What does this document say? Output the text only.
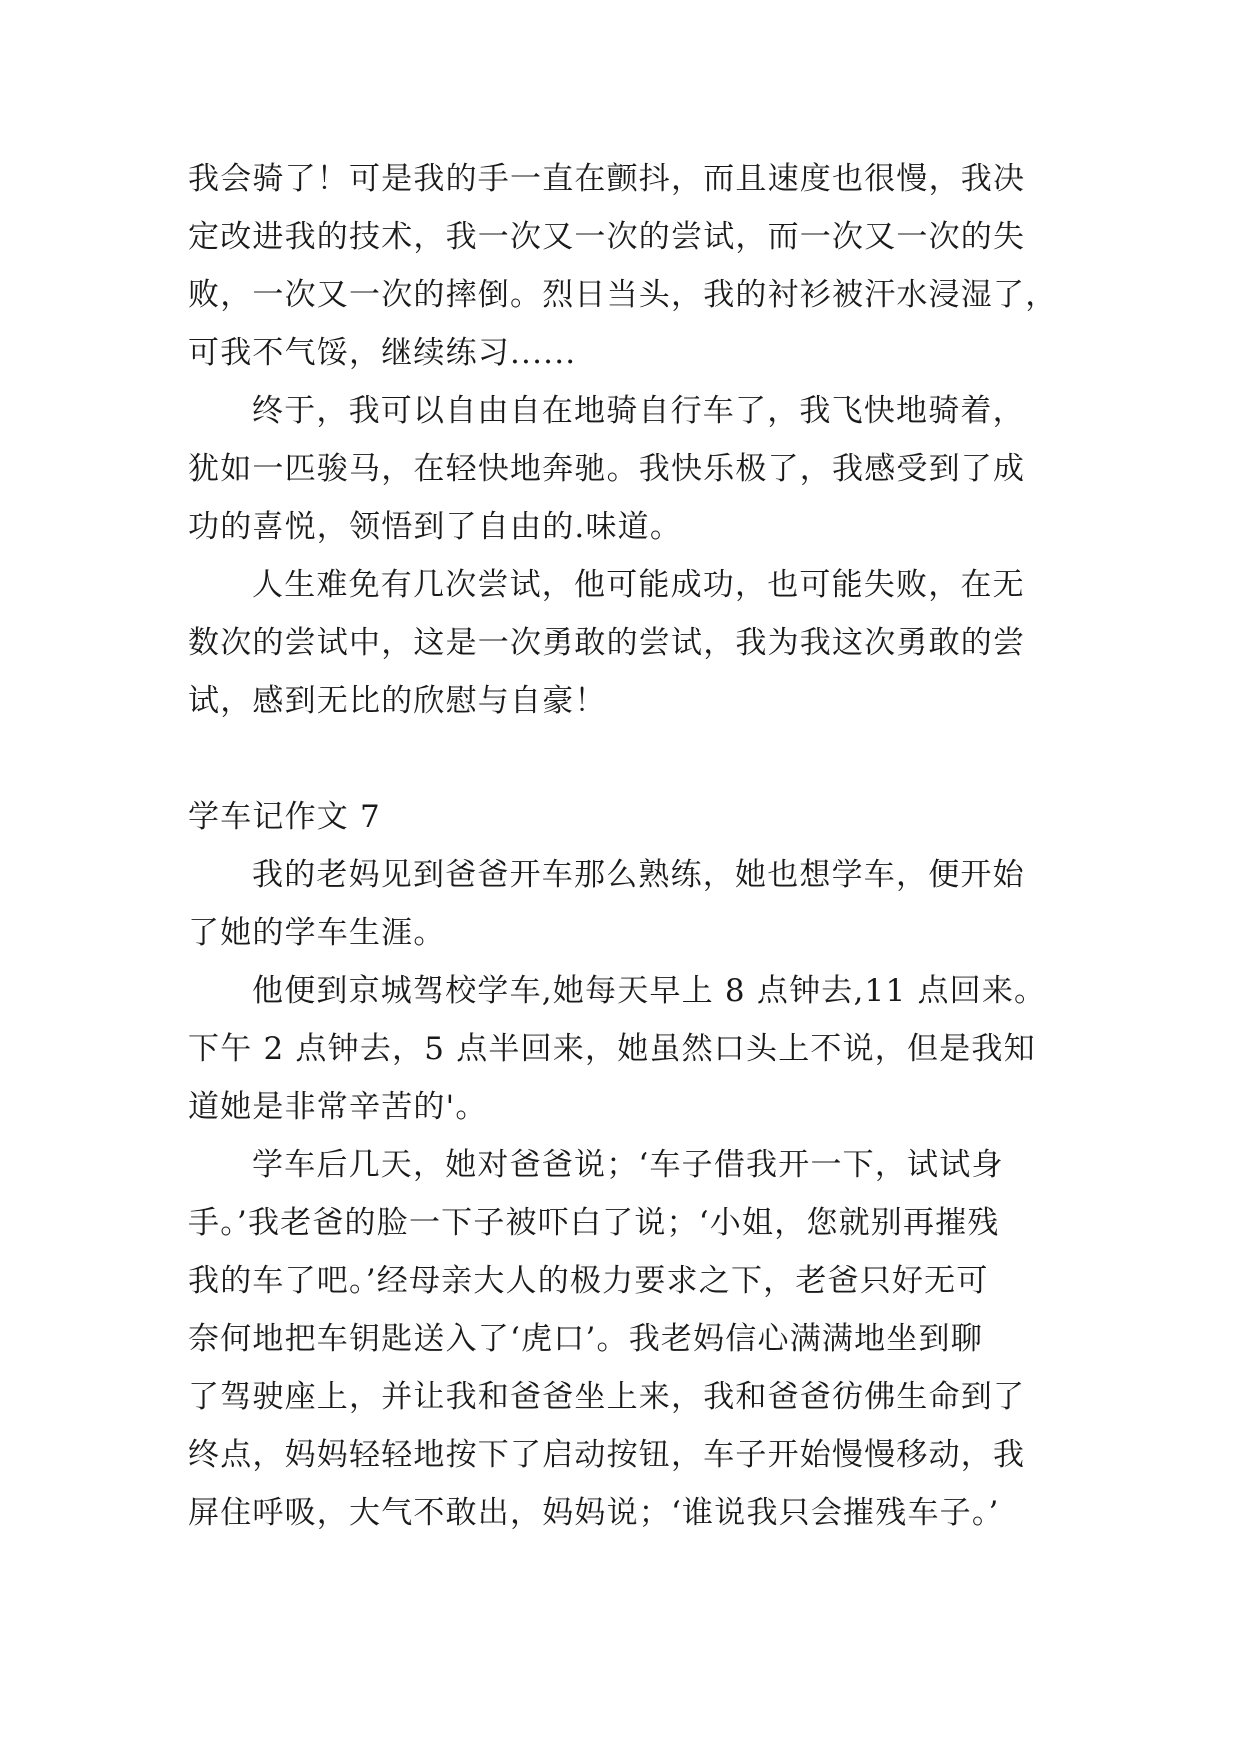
我会骑了！可是我的手一直在颤抖，而且速度也很慢，我决
定改进我的技术，我一次又一次的尝试，而一次又一次的失
败，一次又一次的摔倒。烈日当头，我的衬衫被汗水浸湿了，
可我不气馁，继续练习......
终于，我可以自由自在地骑自行车了，我飞快地骑着，
犹如一匹骏马，在轻快地奔驰。我快乐极了，我感受到了成
功的喜悦，领悟到了自由的.味道。
人生难免有几次尝试，他可能成功，也可能失败，在无
数次的尝试中，这是一次勇敢的尝试，我为我这次勇敢的尝
试，感到无比的欣慰与自豪！
学车记作文 7
我的老妈见到爸爸开车那么熟练，她也想学车，便开始
了她的学车生涯。
他便到京城驾校学车,她每天早上 8 点钟去,11 点回来。
下午 2 点钟去，5 点半回来，她虽然口头上不说，但是我知
道她是非常辛苦的'。
学车后几天，她对爸爸说；‘车子借我开一下，试试身
手。’我老爸的脸一下子被吓白了说；‘小姐，您就别再摧残
我的车了吧。’经母亲大人的极力要求之下，老爸只好无可
奈何地把车钥匙送入了‘虎口’。我老妈信心满满地坐到聊
了驾驶座上，并让我和爸爸坐上来，我和爸爸彷佛生命到了
终点，妈妈轻轻地按下了启动按钮，车子开始慢慢移动，我
屏住呼吸，大气不敢出，妈妈说；‘谁说我只会摧残车子。’
